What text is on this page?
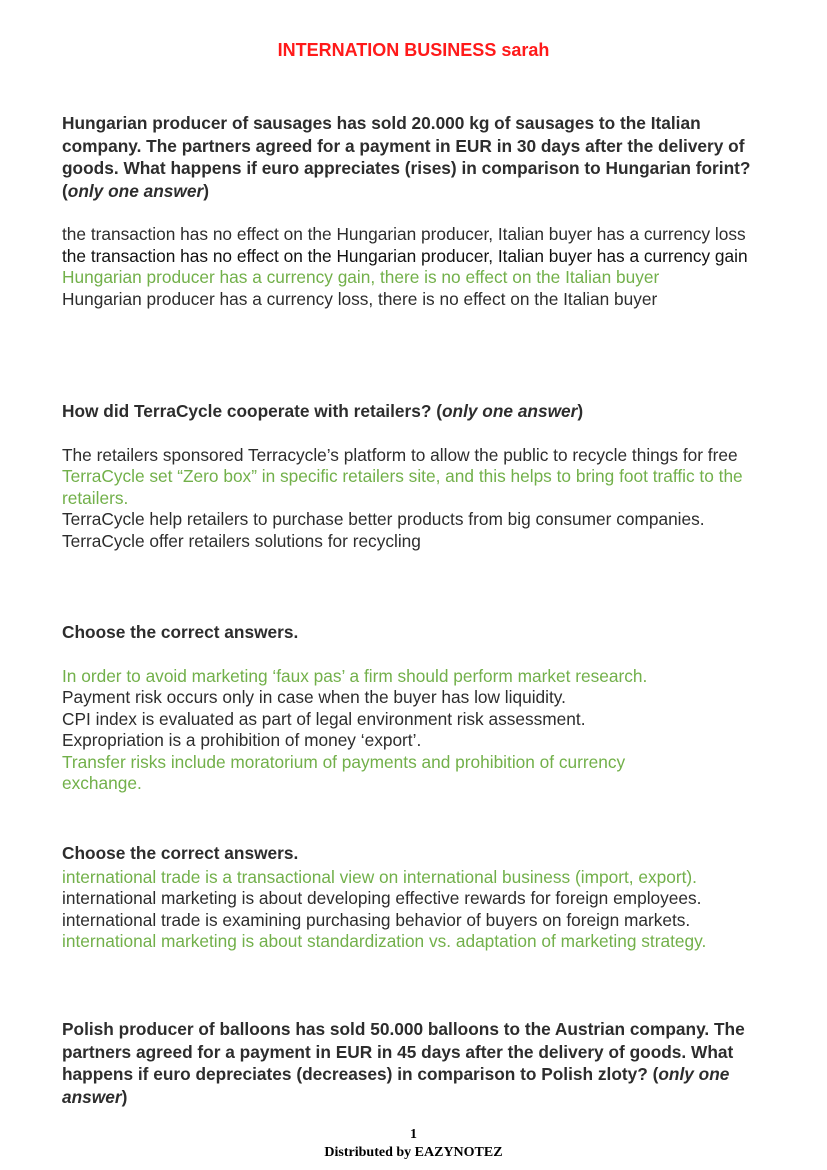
INTERNATION BUSINESS sarah

Hungarian producer of sausages has sold 20.000 kg of sausages to the Italian company. The partners agreed for a payment in EUR in 30 days after the delivery of goods. What happens if euro appreciates (rises) in comparison to Hungarian forint? (only one answer)

the transaction has no effect on the Hungarian producer, Italian buyer has a currency loss

the transaction has no effect on the Hungarian producer, Italian buyer has a currency gain

Hungarian producer has a currency gain, there is no effect on the Italian buyer

Hungarian producer has a currency loss, there is no effect on the Italian buyer

How did TerraCycle cooperate with retailers? (only one answer)

The retailers sponsored Terracycle’s platform to allow the public to recycle things for free

TerraCycle set “Zero box” in specific retailers site, and this helps to bring foot traffic to the retailers.

TerraCycle help retailers to purchase better products from big consumer companies.

TerraCycle offer retailers solutions for recycling

Choose the correct answers.

In order to avoid marketing ‘faux pas’ a firm should perform market research.

Payment risk occurs only in case when the buyer has low liquidity.

CPI index is evaluated as part of legal environment risk assessment.

Expropriation is a prohibition of money ‘export’.

Transfer risks include moratorium of payments and prohibition of currency exchange.

Choose the correct answers.

international trade is a transactional view on international business (import, export).

international marketing is about developing effective rewards for foreign employees.

international trade is examining purchasing behavior of buyers on foreign markets.

international marketing is about standardization vs. adaptation of marketing strategy.

Polish producer of balloons has sold 50.000 balloons to the Austrian company. The partners agreed for a payment in EUR in 45 days after the delivery of goods. What happens if euro depreciates (decreases) in comparison to Polish zloty? (only one answer)

1
Distributed by EAZYNOTEZ
